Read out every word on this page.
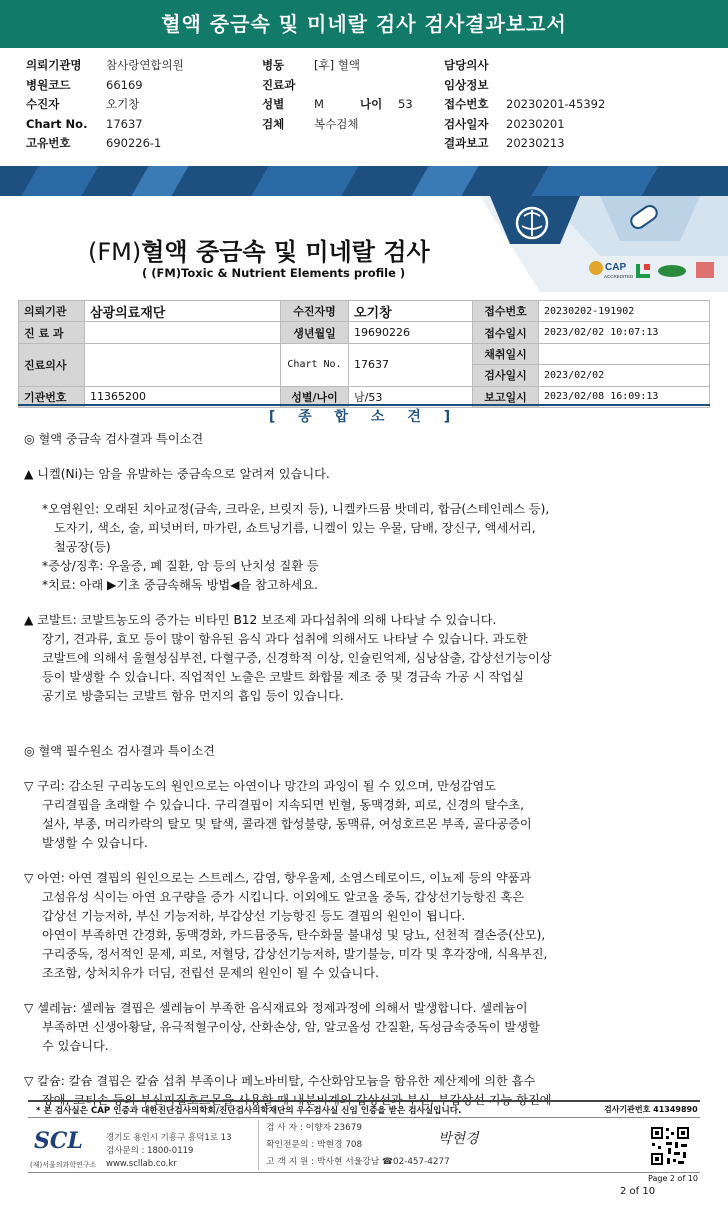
혈액 중금속 및 미네랄 검사 검사결과보고서
의뢰기관명 참사랑연합의원
병원코드	66169
수진자	오기창
Chart No. 17637
고유번호	690226-1
병동	[후] 혈액
진료과
성별	M	나이 53
검체	복수검체
담당의사
임상정보
접수번호 20230201-45392
검사일자 20230201
결과보고 20230213
(FM)혈액 중금속 및 미네랄 검사
( (FM)Toxic & Nutrient Elements profile )	CAP
ACCREDITED
의뢰기관	삼광의료재단	수진자명	오기창	접수번호	20230202-191902
진 료 과		생년월일	19690226	접수일시	2023/02/02 10:07:13
진료의사		Chart No.	17637	채취일시	
				검사일시	2023/02/02
기관번호	11365200	성별/나이	남/53	보고일시	2023/02/08 16:09:13
[ 종 합 소 견 ]

◎ 혈액 중금속 검사결과 특이소견

▲ 니켈(Ni)는 암을 유발하는 중금속으로 알려져 있습니다.

*오염원인: 오래된 치아교정(금속, 크라운, 브릿지 등), 니켈카드뮴 밧데리, 합금(스테인레스 등),

도자기, 색소, 술, 피넛버터, 마가린, 쇼트닝기름, 니켈이 있는 우물, 담배, 장신구, 액세서리,

철공장(등)

*증상/징후: 우울증, 폐 질환, 암 등의 난치성 질환 등

*치료: 아래 ▶기초 중금속해독 방법◀을 참고하세요.

▲ 코발트: 코발트농도의 증가는 비타민 B12 보조제 과다섭취에 의해 나타날 수 있습니다.

장기, 견과류, 효모 등이 많이 함유된 음식 과다 섭취에 의해서도 나타날 수 있습니다. 과도한

코발트에 의해서 울혈성심부전, 다혈구증, 신경학적 이상, 인슐린억제, 심낭삼출, 갑상선기능이상

등이 발생할 수 있습니다. 직업적인 노출은 코발트 화합물 제조 중 및 경금속 가공 시 작업실

공기로 방출되는 코발트 함유 먼지의 흡입 등이 있습니다.

◎ 혈액 필수원소 검사결과 특이소견

▽ 구리: 감소된 구리농도의 원인으로는 아연이나 망간의 과잉이 될 수 있으며, 만성감염도

구리결핍을 초래할 수 있습니다. 구리결핍이 지속되면 빈혈, 동맥경화, 피로, 신경의 탈수초,

설사, 부종, 머리카락의 탈모 및 탈색, 콜라겐 합성불량, 동맥류, 여성호르몬 부족, 골다공증이

발생할 수 있습니다.

▽ 아연: 아연 결핍의 원인으로는 스트레스, 감염, 항우울제, 소염스테로이드, 이뇨제 등의 약품과

고섬유성 식이는 아연 요구량을 증가 시킵니다. 이외에도 알코올 중독, 갑상선기능항진 혹은

갑상선 기능저하, 부신 기능저하, 부갑상선 기능항진 등도 결핍의 원인이 됩니다.

아연이 부족하면 간경화, 동맥경화, 카드뮴중독, 탄수화물 불내성 및 당뇨, 선천적 결손증(산모),

구리중독, 정서적인 문제, 피로, 저혈당, 갑상선기능저하, 발기불능, 미각 및 후각장애, 식욕부진,

조조함, 상처치유가 더딤, 전립선 문제의 원인이 될 수 있습니다.

▽ 셀레늄: 셀레늄 결핍은 셀레늄이 부족한 음식재료와 정제과정에 의해서 발생합니다. 셀레늄이

부족하면 신생아황달, 유극적혈구이상, 산화손상, 암, 알코올성 간질환, 독성금속중독이 발생할

수 있습니다.

▽ 칼슘: 칼슘 결핍은 칼슘 섭취 부족이나 페노바비탈, 수산화암모늄을 함유한 제산제에 의한 흡수

장애, 코티손 등의 부신피질호르몬을 사용할 때 내분비계의 갑상선과 부신, 부갑상선 기능 항진에

* 본 검사실은 CAP 인증과 대한진단검사의학회/진단검사의학재단의 우수검사실 신임 인증을 받은 검사실입니다.	검사기관번호 41349890
SCL
(재)서울의과학연구소
경기도 용인시 기흥구 흥덕1로 13
검사문의 : 1800-0119
www.scllab.co.kr
검 사 자 : 이향자 23679
확인전문의 : 박현경 708
고 객 지 원 : 박사현 서울강남 ☎02-457-4277
박현경
Page 2 of 10
2 of 10
